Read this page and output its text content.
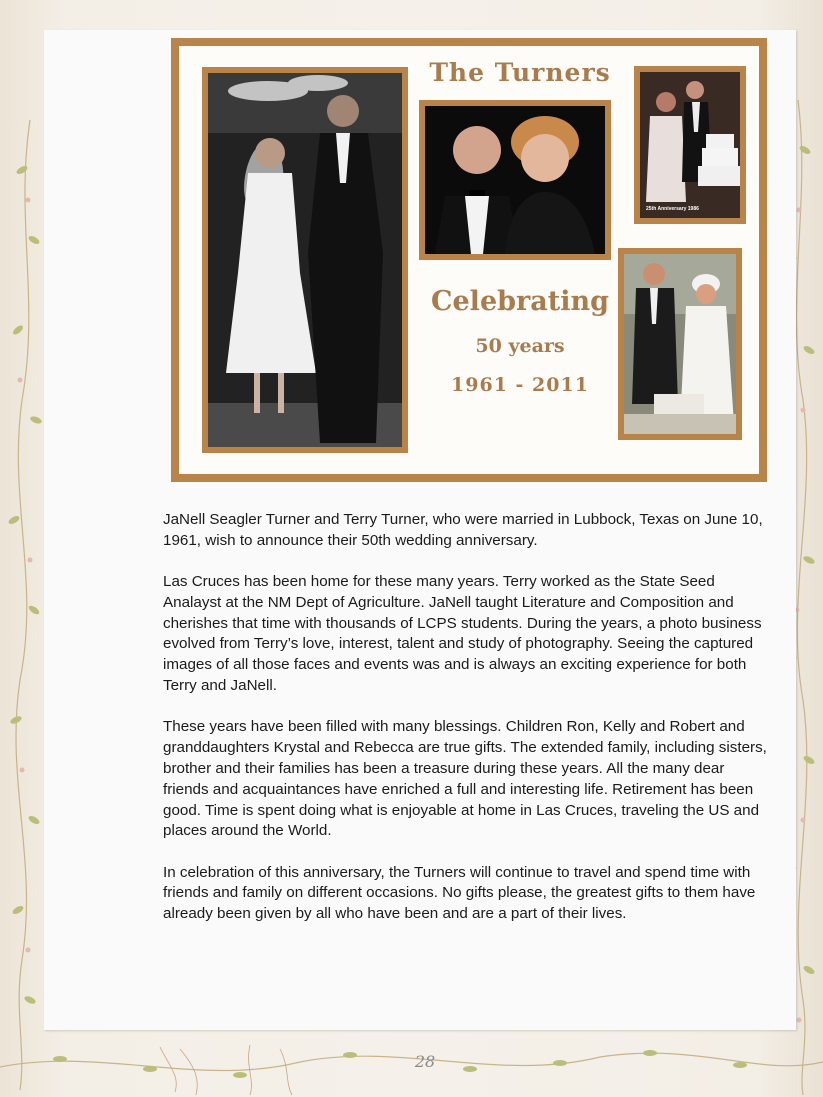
25th Anniversary 1986
The Turners
Celebrating
50 years
1961 - 2011

JaNell Seagler Turner and Terry Turner, who were married in Lubbock, Texas on June 10, 1961, wish to announce their 50th wedding anniversary.

Las Cruces has been home for these many years. Terry worked as the State Seed Analayst at the NM Dept of Agriculture. JaNell taught Literature and Composition and cherishes that time with thousands of LCPS students. During the years, a photo business evolved from Terry’s love, interest, talent and study of photography. Seeing the captured images of all those faces and events was and is always an exciting experience for both Terry and JaNell.

These years have been filled with many blessings. Children Ron, Kelly and Robert and granddaughters Krystal and Rebecca are true gifts. The extended family, including sisters, brother and their families has been a treasure during these years. All the many dear friends and acquaintances have enriched a full and interesting life. Retirement has been good. Time is spent doing what is enjoyable at home in Las Cruces, traveling the US and places around the World.

In celebration of this anniversary, the Turners will continue to travel and spend time with friends and family on different occasions. No gifts please, the greatest gifts to them have already been given by all who have been and are a part of their lives.

28
